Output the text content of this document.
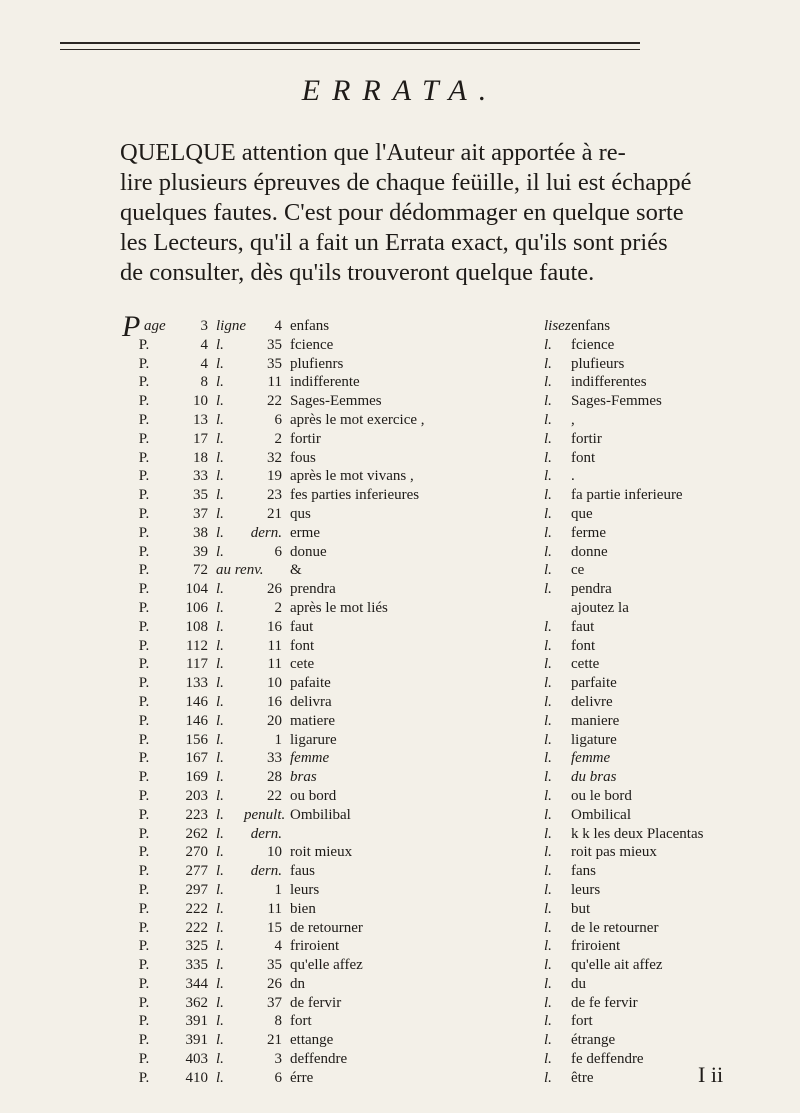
ERRATA.

QUELQUE attention que l'Auteur ait apportée à re-

lire plusieurs épreuves de chaque feüille, il lui est échappé

quelques fautes. C'est pour dédommager en quelque sorte

les Lecteurs, qu'il a fait un Errata exact, qu'ils sont priés

de consulter, dès qu'ils trouveront quelque faute.

P age	3 ligne	4 enfans	lisez enfans
P.	4 l.	35 fcience	l.	fcience
P.	4 l.	35 plufienrs	l.	plufieurs
P.	8 l.	11 indifferente	l.	indifferentes
P.	10 l.	22 Sages-Eemmes	l.	Sages-Femmes
P.	13 l.	6 après le mot exercice ,	l.	,
P.	17 l.	2 fortir	l.	fortir
P.	18 l.	32 fous	l.	font
P.	33 l.	19 après le mot vivans ,	l.	.
P.	35 l.	23 fes parties inferieures	l.	fa partie inferieure
P.	37 l.	21 qus	l.	que
P.	38 l.	dern. erme	l.	ferme
P.	39 l.	6 donue	l.	donne
P.	72 au renv.	&	l.	ce
P.	104 l.	26 prendra	l.	pendra
P.	106 l.	2 après le mot liés	ajoutez la
P.	108 l.	16 faut	l.	faut
P.	112 l.	11 font	l.	font
P.	117 l.	11 cete	l.	cette
P.	133 l.	10 pafaite	l.	parfaite
P.	146 l.	16 delivra	l.	delivre
P.	146 l.	20 matiere	l.	maniere
P.	156 l.	1 ligarure	l.	ligature
P.	167 l.	33 femme	l.	femme
P.	169 l.	28 bras	l.	du bras
P.	203 l.	22 ou bord	l.	ou le bord
P.	223 l.	penult. Ombilibal	l.	Ombilical
P.	262 l.	dern.	l.	k k les deux Placentas
P.	270 l.	10 roit mieux	l.	roit pas mieux
P.	277 l.	dern. faus	l.	fans
P.	297 l.	1 leurs	l.	leurs
P.	222 l.	11 bien	l.	but
P.	222 l.	15 de retourner	l.	de le retourner
P.	325 l.	4 friroient	l.	friroient
P.	335 l.	35 qu'elle affez	l.	qu'elle ait affez
P.	344 l.	26 dn	l.	du
P.	362 l.	37 de fervir	l.	de fe fervir
P.	391 l.	8 fort	l.	fort
P.	391 l.	21 ettange	l.	étrange
P.	403 l.	3 deffendre	l.	fe deffendre
P.	410 l.	6 érre	l.	être	I ii
